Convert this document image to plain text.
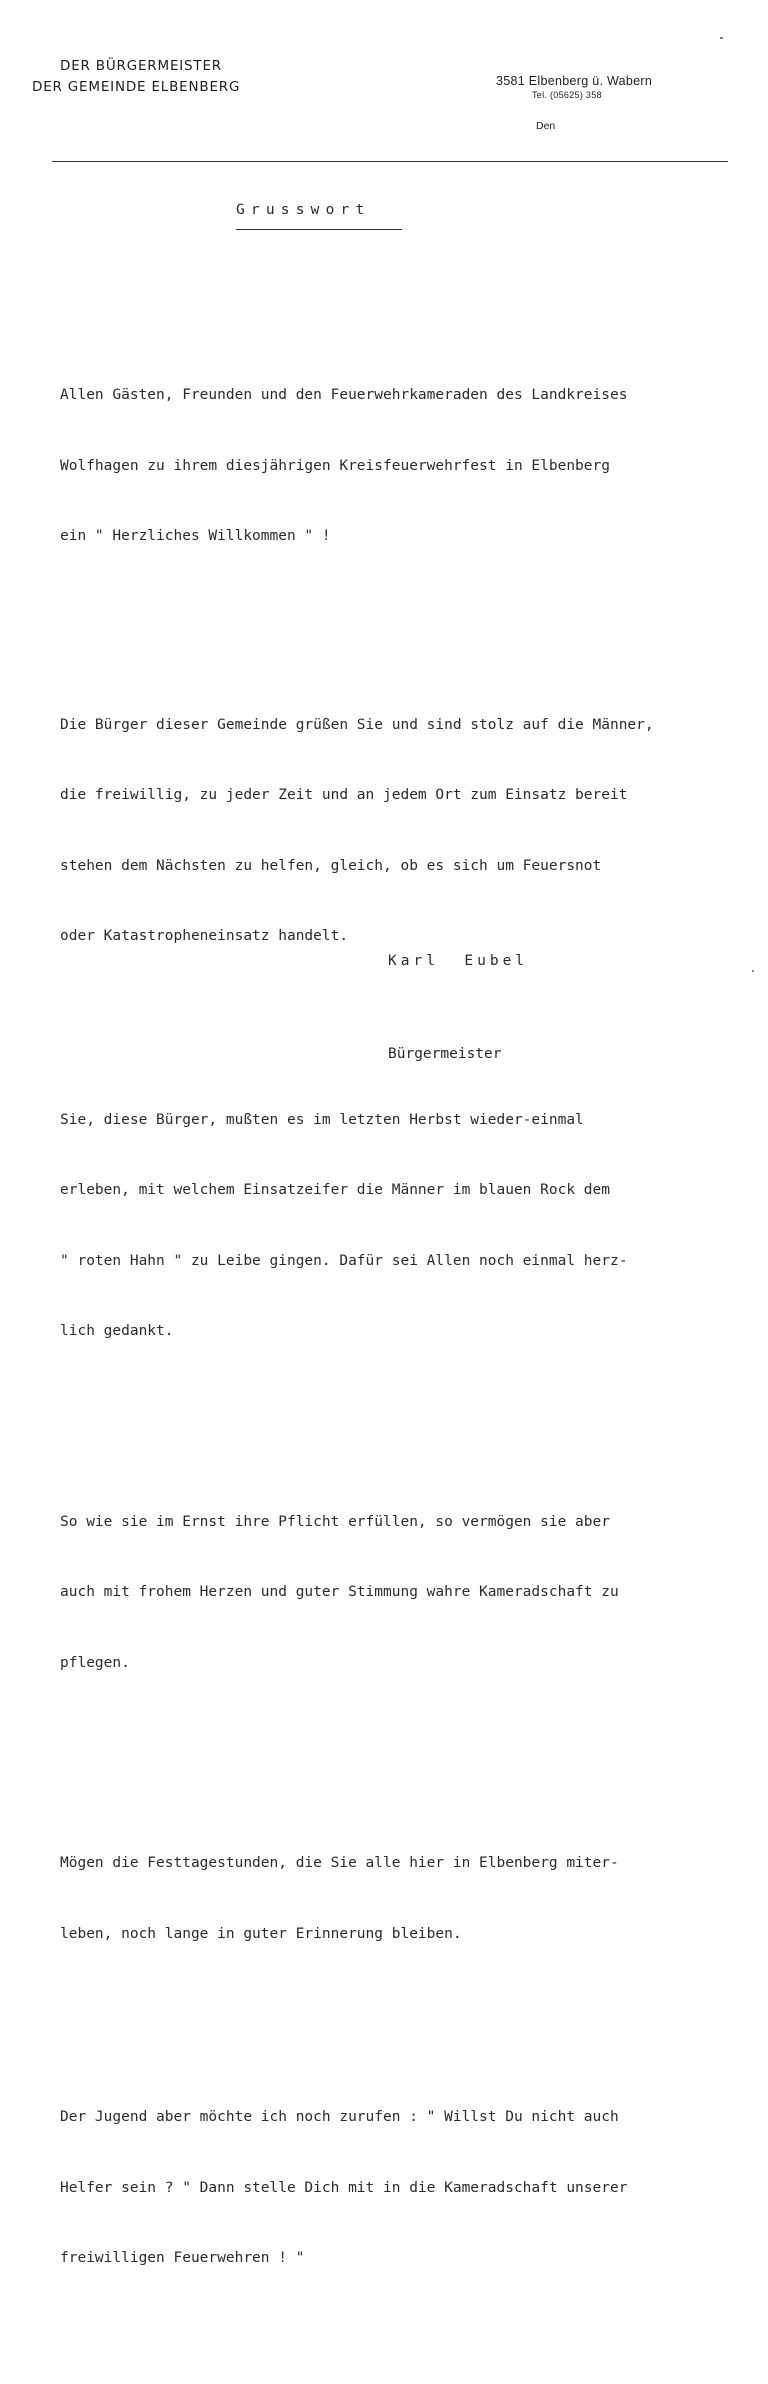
DER BÜRGERMEISTER
DER GEMEINDE ELBENBERG	3581 Elbenberg ü. Wabern
Tel. (05625) 358
Den
Grusswort

Allen Gästen, Freunden und den Feuerwehrkameraden des Landkreises

Wolfhagen zu ihrem diesjährigen Kreisfeuerwehrfest in Elbenberg

ein " Herzliches Willkommen " !

Die Bürger dieser Gemeinde grüßen Sie und sind stolz auf die Männer,

die freiwillig, zu jeder Zeit und an jedem Ort zum Einsatz bereit

stehen dem Nächsten zu helfen, gleich, ob es sich um Feuersnot

oder Katastropheneinsatz handelt.

Sie, diese Bürger, mußten es im letzten Herbst wieder-einmal

erleben, mit welchem Einsatzeifer die Männer im blauen Rock dem

" roten Hahn " zu Leibe gingen. Dafür sei Allen noch einmal herz-

lich gedankt.

So wie sie im Ernst ihre Pflicht erfüllen, so vermögen sie aber

auch mit frohem Herzen und guter Stimmung wahre Kameradschaft zu

pflegen.

Mögen die Festtagestunden, die Sie alle hier in Elbenberg miter-

leben, noch lange in guter Erinnerung bleiben.

Der Jugend aber möchte ich noch zurufen : " Willst Du nicht auch

Helfer sein ? " Dann stelle Dich mit in die Kameradschaft unserer

freiwilligen Feuerwehren ! "

Karl  Eubel

Bürgermeister
